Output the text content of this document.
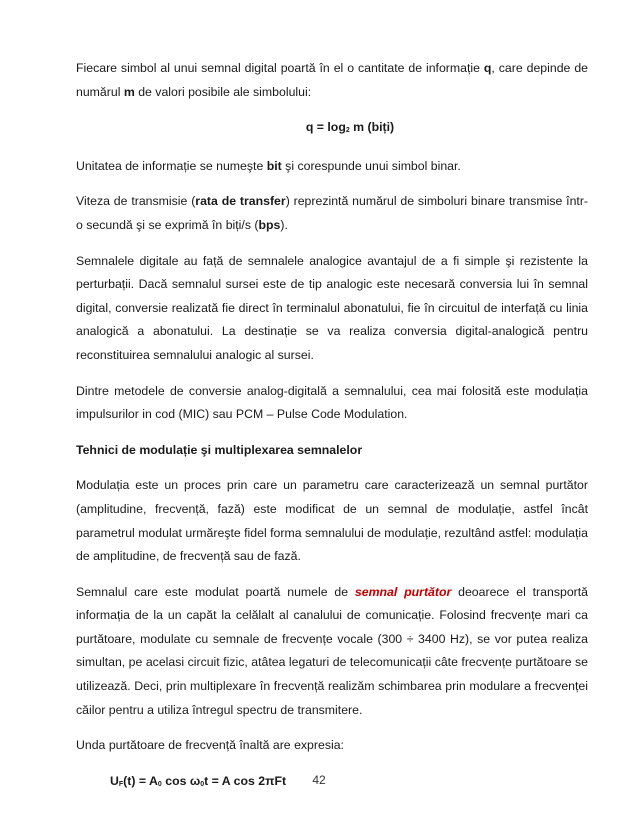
Fiecare simbol al unui semnal digital poartă în el o cantitate de informație q, care depinde de numărul m de valori posibile ale simbolului:

$q = \log_2 m$ (biți)

Unitatea de informație se numeşte bit şi corespunde unui simbol binar.

Viteza de transmisie (rata de transfer) reprezintă numărul de simboluri binare transmise într-o secundă şi se exprimă în biți/s (bps).

Semnalele digitale au față de semnalele analogice avantajul de a fi simple şi rezistente la perturbații. Dacă semnalul sursei este de tip analogic este necesară conversia lui în semnal digital, conversie realizată fie direct în terminalul abonatului, fie în circuitul de interfață cu linia analogică a abonatului. La destinație se va realiza conversia digital-analogică pentru reconstituirea semnalului analogic al sursei.

Dintre metodele de conversie analog-digitală a semnalului, cea mai folosită este modulația impulsurilor in cod (MIC) sau PCM – Pulse Code Modulation.

Tehnici de modulație şi multiplexarea semnalelor

Modulația este un proces prin care un parametru care caracterizează un semnal purtător (amplitudine, frecvență, fază) este modificat de un semnal de modulație, astfel încât parametrul modulat urmăreşte fidel forma semnalului de modulație, rezultând astfel: modulația de amplitudine, de frecvență sau de fază.

Semnalul care este modulat poartă numele de semnal purtător deoarece el transportă informația de la un capăt la celălalt al canalului de comunicație. Folosind frecvențe mari ca purtătoare, modulate cu semnale de frecvențe vocale (300 ÷ 3400 Hz), se vor putea realiza simultan, pe acelasi circuit fizic, atâtea legaturi de telecomunicații câte frecvențe purtătoare se utilizează. Deci, prin multiplexare în frecvență realizăm schimbarea prin modulare a frecvenței căilor pentru a utiliza întregul spectru de transmitere.

Unda purtătoare de frecvență înaltă are expresia:

$U_F(t) = A_0$ $\cos \omega_0t = A$ cos 2πFt	42
